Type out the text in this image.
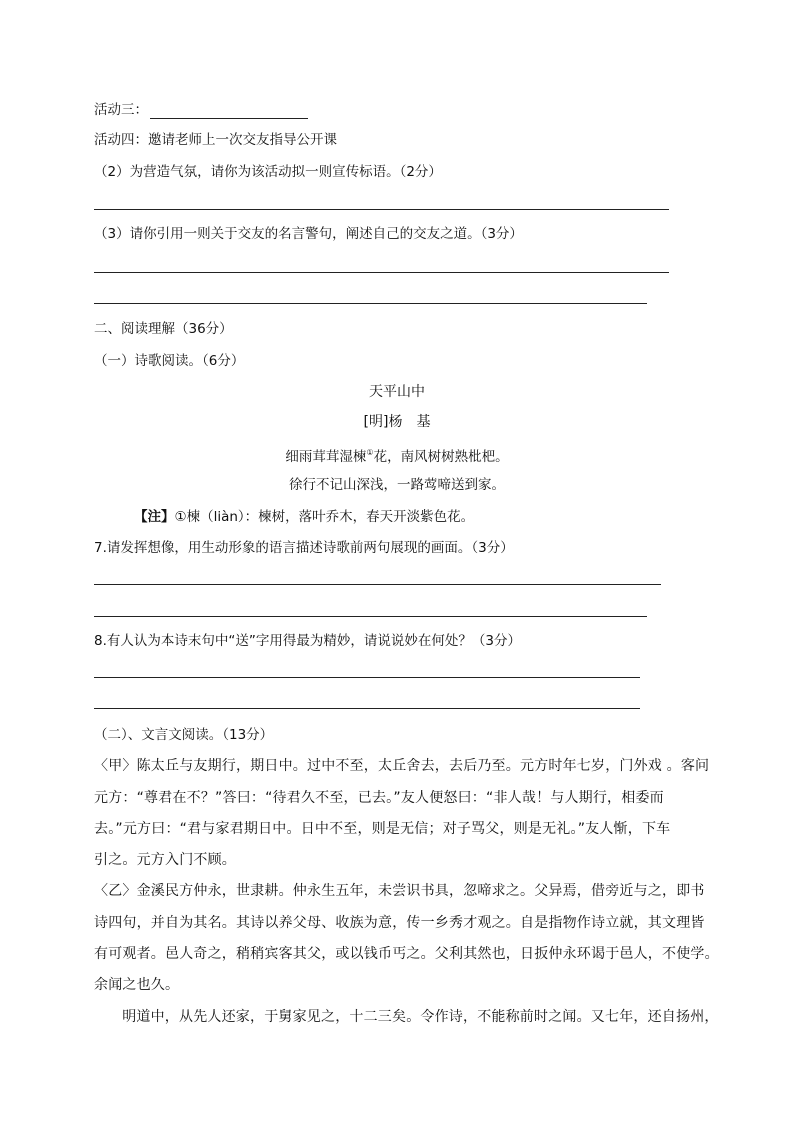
活动三：
活动四：邀请老师上一次交友指导公开课
（2）为营造气氛，请你为该活动拟一则宣传标语。（2分）
（3）请你引用一则关于交友的名言警句，阐述自己的交友之道。（3分）
二、阅读理解（36分）
（一）诗歌阅读。（6分）
天平山中
[明]杨　基
细雨茸茸湿楝①花，南风树树熟枇杷。
徐行不记山深浅，一路莺啼送到家。
【注】①楝（liàn）：楝树，落叶乔木，春天开淡紫色花。
7.请发挥想像，用生动形象的语言描述诗歌前两句展现的画面。（3分）
8.有人认为本诗末句中“送”字用得最为精妙，请说说妙在何处？（3分）
（二）、文言文阅读。（13分）
〈甲〉陈太丘与友期行，期日中。过中不至，太丘舍去，去后乃至。元方时年七岁，门外戏 。客问
元方：“尊君在不？”答曰：“待君久不至，已去。”友人便怒曰：“非人哉！与人期行，相委而
去。”元方曰：“君与家君期日中。日中不至，则是无信；对子骂父，则是无礼。”友人惭，下车
引之。元方入门不顾。
〈乙〉金溪民方仲永，世隶耕。仲永生五年，未尝识书具，忽啼求之。父异焉，借旁近与之，即书
诗四句，并自为其名。其诗以养父母、收族为意，传一乡秀才观之。自是指物作诗立就，其文理皆
有可观者。邑人奇之，稍稍宾客其父，或以钱币丐之。父利其然也，日扳仲永环谒于邑人，不使学。
余闻之也久。
　明道中，从先人还家，于舅家见之，十二三矣。令作诗，不能称前时之闻。又七年，还自扬州，
